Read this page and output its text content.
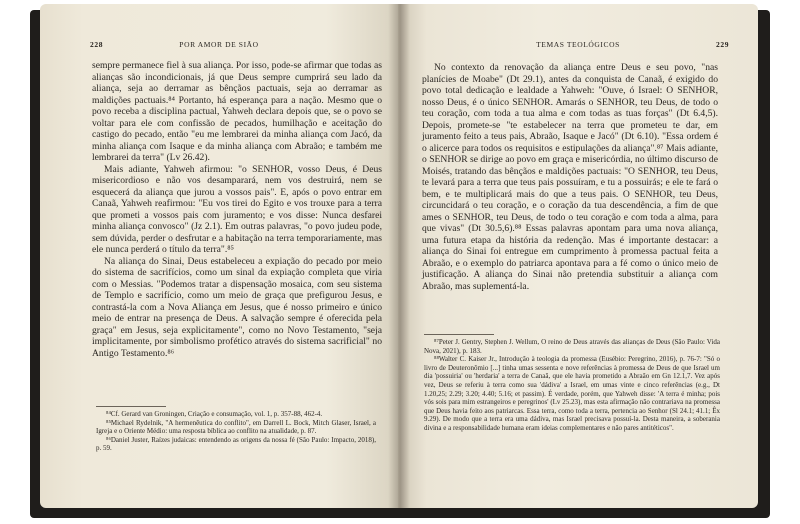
228	POR AMOR DE SIÃO

sempre permanece fiel à sua aliança. Por isso, pode-se afirmar que todas as alianças são incondicionais, já que Deus sempre cumprirá seu lado da aliança, seja ao derramar as bênçãos pactuais, seja ao derramar as maldições pactuais.⁸⁴ Portanto, há esperança para a nação. Mesmo que o povo receba a disciplina pactual, Yahweh declara depois que, se o povo se voltar para ele com confissão de pecados, humilhação e aceitação do castigo do pecado, então "eu me lembrarei da minha aliança com Jacó, da minha aliança com Isaque e da minha aliança com Abraão; e também me lembrarei da terra" (Lv 26.42).

Mais adiante, Yahweh afirmou: "o SENHOR, vosso Deus, é Deus misericordioso e não vos desamparará, nem vos destruirá, nem se esquecerá da aliança que jurou a vossos pais". E, após o povo entrar em Canaã, Yahweh reafirmou: "Eu vos tirei do Egito e vos trouxe para a terra que prometi a vossos pais com juramento; e vos disse: Nunca desfarei minha aliança convosco" (Jz 2.1). Em outras palavras, "o povo judeu pode, sem dúvida, perder o desfrutar e a habitação na terra temporariamente, mas ele nunca perderá o título da terra".⁸⁵

Na aliança do Sinai, Deus estabeleceu a expiação do pecado por meio do sistema de sacrifícios, como um sinal da expiação completa que viria com o Messias. "Podemos tratar a dispensação mosaica, com seu sistema de Templo e sacrifício, como um meio de graça que prefigurou Jesus, e contrastá-la com a Nova Aliança em Jesus, que é nosso primeiro e único meio de entrar na presença de Deus. A salvação sempre é oferecida pela graça" em Jesus, seja explicitamente", como no Novo Testamento, "seja implicitamente, por simbolismo profético através do sistema sacrificial" no Antigo Testamento.⁸⁶

⁸⁴Cf. Gerard van Groningen, Criação e consumação, vol. 1, p. 357-88, 462-4.

⁸⁵Michael Rydelnik, "A hermenêutica do conflito", em Darrell L. Bock, Mitch Glaser, Israel, a Igreja e o Oriente Médio: uma resposta bíblica ao conflito na atualidade, p. 87.

⁸⁶Daniel Juster, Raízes judaicas: entendendo as origens da nossa fé (São Paulo: Impacto, 2018), p. 59.

TEMAS TEOLÓGICOS	229

No contexto da renovação da aliança entre Deus e seu povo, "nas planícies de Moabe" (Dt 29.1), antes da conquista de Canaã, é exigido do povo total dedicação e lealdade a Yahweh: "Ouve, ó Israel: O SENHOR, nosso Deus, é o único SENHOR. Amarás o SENHOR, teu Deus, de todo o teu coração, com toda a tua alma e com todas as tuas forças" (Dt 6.4,5). Depois, promete-se "te estabelecer na terra que prometeu te dar, em juramento feito a teus pais, Abraão, Isaque e Jacó" (Dt 6.10). "Essa ordem é o alicerce para todos os requisitos e estipulações da aliança".⁸⁷ Mais adiante, o SENHOR se dirige ao povo em graça e misericórdia, no último discurso de Moisés, tratando das bênçãos e maldições pactuais: "O SENHOR, teu Deus, te levará para a terra que teus pais possuíram, e tu a possuirás; e ele te fará o bem, e te multiplicará mais do que a teus pais. O SENHOR, teu Deus, circuncidará o teu coração, e o coração da tua descendência, a fim de que ames o SENHOR, teu Deus, de todo o teu coração e com toda a alma, para que vivas" (Dt 30.5,6).⁸⁸ Essas palavras apontam para uma nova aliança, uma futura etapa da história da redenção. Mas é importante destacar: a aliança do Sinai foi entregue em cumprimento à promessa pactual feita a Abraão, e o exemplo do patriarca apontava para a fé como o único meio de justificação. A aliança do Sinai não pretendia substituir a aliança com Abraão, mas suplementá-la.

⁸⁷Peter J. Gentry, Stephen J. Wellum, O reino de Deus através das alianças de Deus (São Paulo: Vida Nova, 2021), p. 183.

⁸⁸Walter C. Kaiser Jr., Introdução à teologia da promessa (Eusébio: Peregrino, 2016), p. 76-7: "Só o livro de Deuteronômio [...] tinha umas sessenta e nove referências à promessa de Deus de que Israel um dia 'possuiria' ou 'herdaria' a terra de Canaã, que ele havia prometido a Abraão em Gn 12.1,7. Vez após vez, Deus se referiu à terra como sua 'dádiva' a Israel, em umas vinte e cinco referências (e.g., Dt 1.20,25; 2.29; 3.20; 4.40; 5.16; et passim). É verdade, porém, que Yahweh disse: 'A terra é minha; pois vós sois para mim estrangeiros e peregrinos' (Lv 25.23), mas esta afirmação não contrariava na promessa que Deus havia feito aos patriarcas. Essa terra, como toda a terra, pertencia ao Senhor (Sl 24.1; 41.1; Êx 9.29). De modo que a terra era uma dádiva, mas Israel precisava possuí-la. Desta maneira, a soberania divina e a responsabilidade humana eram ideias complementares e não pares antitéticos".
